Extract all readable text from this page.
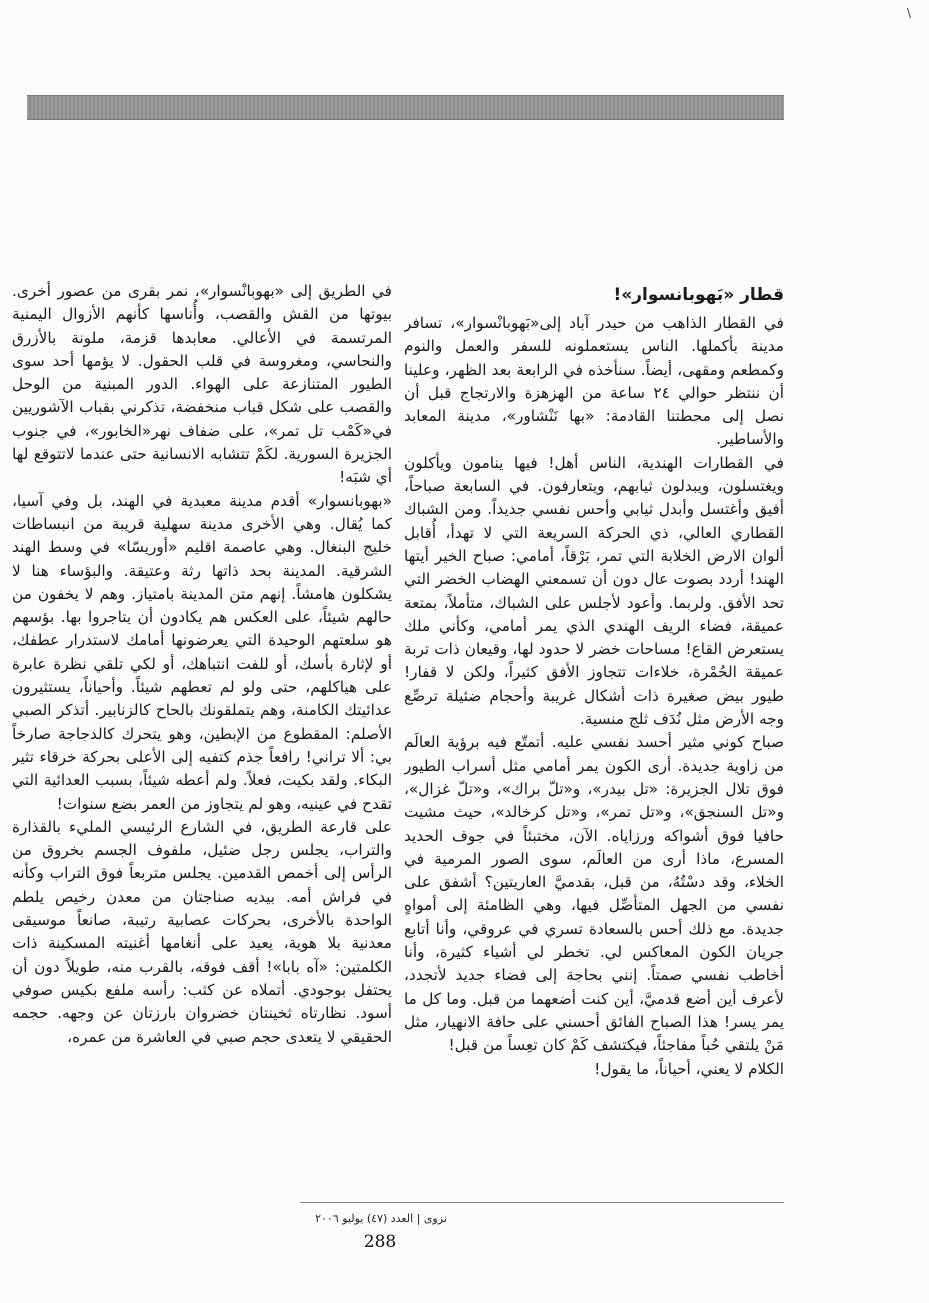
\
قطار «بَهوبانسوار»!

في القطار الذاهب من حيدر آباد إلى«بَهوبانْسوار»، تسافر مدينة بأكملها. الناس يستعملونه للسفر والعمل والنوم وكمطعم ومقهى، أيضاً. سنأخذه في الرابعة بعد الظهر، وعلينا أن ننتظر حوالي ٢٤ ساعة من الهزهزة والارتجاج قبل أن نصل إلى محطتنا القادمة: «بها نَنْشاور»، مدينة المعابد والأساطير.

في القطارات الهندية، الناس أهل! فيها ينامون ويأكلون ويغتسلون، ويبدلون ثيابهم، ويتعارفون. في السابعة صباحاً، أفيق وأغتسل وأبدل ثيابي وأحس نفسي جديداً. ومن الشباك القطاري العالي، ذي الحركة السريعة التي لا تهدأ، أُقابل ألوان الارض الخلابة التي تمر، بَرْقاً، أمامي: صباح الخير أيتها الهند! أردد بصوت عال دون أن تسمعني الهضاب الخضر التي تحد الأفق. ولربما. وأعود لأجلس على الشباك، متأملاً، بمتعة عميقة، فضاء الريف الهندي الذي يمر أمامي، وكأني ملك يستعرض القاع! مساحات خضر لا حدود لها، وقيعان ذات تربة عميقة الحُمْرة، خلاءات تتجاوز الأفق كثيراً، ولكن لا قفار! طيور بيض صغيرة ذات أشكال غريبة وأحجام ضئيلة ترصِّع وجه الأرض مثل نُدَف ثلج منسية.

صباح كوني مثير أحسد نفسي عليه. أتمتّع فيه برؤية العالَم من زاوية جديدة. أرى الكون يمر أمامي مثل أسراب الطيور فوق تلال الجزيرة: «تل بيدر»، و«تلّ براك»، و«تلّ غزال»، و«تل السنجق»، و«تل تمر»، و«تل كرخالد»، حيث مشيت حافيا فوق أشواكه ورزاياه. الآن، مختبئاً في جوف الحديد المسرع، ماذا أرى من العالَم، سوى الصور المرمية في الخلاء، وقد دسْتُهُ، من قبل، بقدميَّ العاريتين؟ أشفق على نفسي من الجهل المتأصِّل فيها، وهي الظامئة إلى أمواهٍ جديدة. مع ذلك أحس بالسعادة تسري في عروقي، وأنا أتابع جريان الكون المعاكس لي. تخطر لي أشياء كثيرة، وأنا أخاطب نفسي صمتاً. إنني بحاجة إلى فضاء جديد لأتجدد، لأعرف أين أضع قدميَّ، أين كنت أضعهما من قبل. وما كل ما يمر يسر! هذا الصباح الفائق أحسني على حافة الانهيار، مثل مَنْ يلتقي حُباً مفاجئاً، فيكتشف كَمْ كان تعِساً من قبل!

الكلام لا يعني، أحياناً، ما يقول!

في الطريق إلى «بهوبانْسوار»، نمر بقرى من عصور أخرى. بيوتها من القش والقصب، وأُناسها كأنهم الأزوال اليمنية المرتسمة في الأعالي. معابدها قزمة، ملونة بالأزرق والنحاسي، ومغروسة في قلب الحقول. لا يؤمها أحد سوى الطيور المتنازعة على الهواء. الدور المبنية من الوحل والقصب على شكل قباب منخفضة، تذكرني بقباب الآشوريين في«كَمْب تل تمر»، على ضفاف نهر«الخابور»، في جنوب الجزيرة السورية. لكَمْ تتشابه الانسانية حتى عندما لاتتوقع لها أي شبَه!

«بهوبانسوار» أقدم مدينة معبدية في الهند، بل وفي آسيا، كما يُقال. وهي الأخرى مدينة سهلية قريبة من انبساطات خليج البنغال. وهي عاصمة اقليم «أوريسّا» في وسط الهند الشرقية. المدينة بحد ذاتها رثة وعتيقة. والبؤساء هنا لا يشكلون هامشاً. إنهم متن المدينة بامتياز. وهم لا يخفون من حالهم شيئاً، على العكس هم يكادون أن يتاجروا بها. بؤسهم هو سلعتهم الوحيدة التي يعرضونها أمامك لاستدرار عطفك، أو لإثارة بأسك، أو للفت انتباهك، أو لكي تلقي نظرة عابرة على هياكلهم، حتى ولو لم تعطهم شيئاً. وأحياناً، يستثيرون عدائيتك الكامنة، وهم يتملقونك بالحاح كالزنابير. أتذكر الصبي الأصلم: المقطوع من الإبطين، وهو يتحرك كالدجاجة صارخاً بي: ألا تراني! رافعاً جذم كتفيه إلى الأعلى بحركة خرقاء تثير البكاء. ولقد بكيت، فعلاً. ولم أعطه شيئاً، بسبب العدائية التي تقدح في عينيه، وهو لم يتجاوز من العمر بضع سنوات!

على قارعة الطريق، في الشارع الرئيسي المليء بالقذارة والتراب، يجلس رجل ضئيل، ملفوف الجسم بخروق من الرأس إلى أخمص القدمين. يجلس متربعاً فوق التراب وكأنه في فراش أمه. بيديه صناجتان من معدن رخيص يلطم الواحدة بالأخرى، بحركات عصابية رتيبة، صانعاً موسيقى معدنية بلا هوية، يعيد على أنغامها أغنيته المسكينة ذات الكلمتين: «آه بابا»! أقف فوقه، بالقرب منه، طويلاً دون أن يحتفل بوجودي. أتملاه عن كثب: رأسه ملفع بكيس صوفي أسود. نظارتاه ثخينتان خضروان بارزتان عن وجهه. حجمه الحقيقي لا يتعدى حجم صبي في العاشرة من عمره،

نزوى | العدد (٤٧) يوليو ٢٠٠٦
288
